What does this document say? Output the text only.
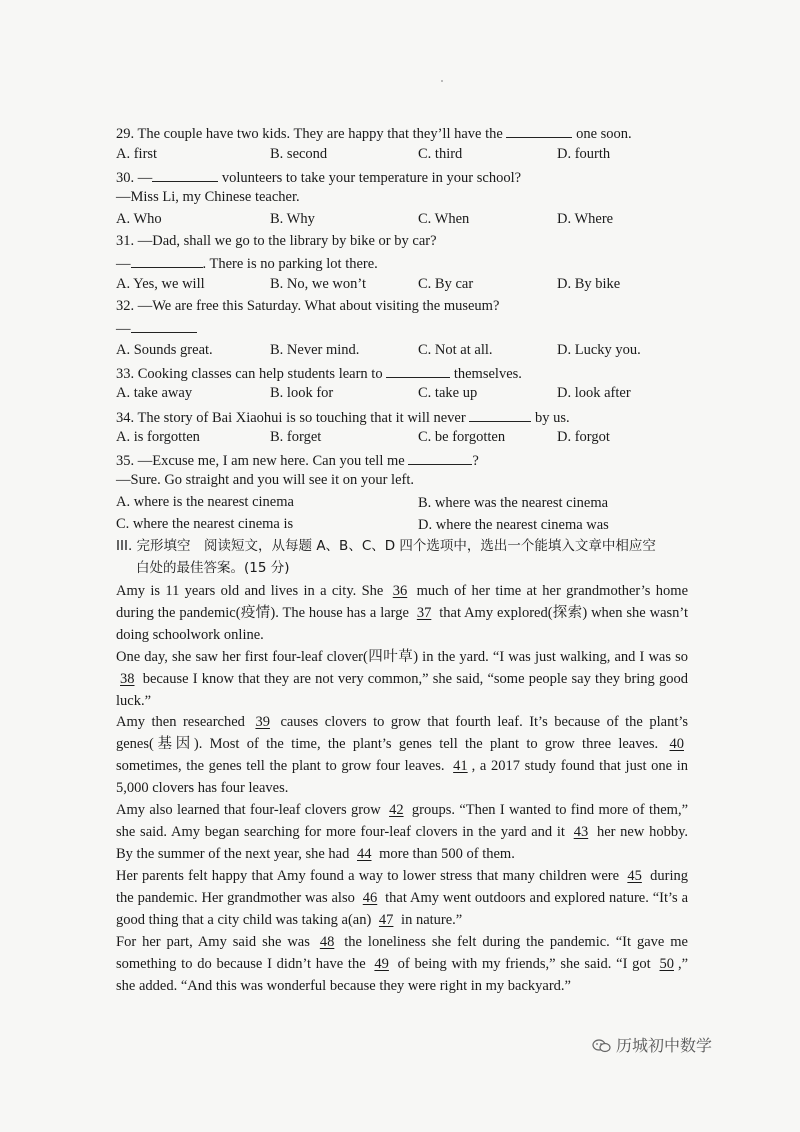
29. The couple have two kids. They are happy that they’ll have the	one soon.
A. first	B. second	C. third	D. fourth
30. —	volunteers to take your temperature in your school?
—Miss Li, my Chinese teacher.
A. Who	B. Why	C. When	D. Where
31. —Dad, shall we go to the library by bike or by car?
—	. There is no parking lot there.
A. Yes, we will	B. No, we won’t	C. By car	D. By bike
32. —We are free this Saturday. What about visiting the museum?
—
A. Sounds great.	B. Never mind.	C. Not at all.	D. Lucky you.
33. Cooking classes can help students learn to	themselves.
A. take away	B. look for	C. take up	D. look after
34. The story of Bai Xiaohui is so touching that it will never	by us.
A. is forgotten	B. forget	C. be forgotten	D. forgot
35. —Excuse me, I am new here. Can you tell me	?
—Sure. Go straight and you will see it on your left.
A. where is the nearest cinema	B. where was the nearest cinema
C. where the nearest cinema is	D. where the nearest cinema was
III. 完形填空　阅读短文，从每题 A、B、C、D 四个选项中，选出一个能填入文章中相应空
白处的最佳答案。(15 分)

Amy is 11 years old and lives in a city. She 36 much of her time at her grandmother’s home during the pandemic(疫情). The house has a large 37 that Amy explored(探索) when she wasn’t doing schoolwork online.

One day, she saw her first four-leaf clover(四叶草) in the yard. “I was just walking, and I was so 38 because I know that they are not very common,” she said, “some people say they bring good luck.”

Amy then researched 39 causes clovers to grow that fourth leaf. It’s because of the plant’s genes(基因). Most of the time, the plant’s genes tell the plant to grow three leaves. 40 sometimes, the genes tell the plant to grow four leaves. 41 , a 2017 study found that just one in 5,000 clovers has four leaves.

Amy also learned that four-leaf clovers grow 42 groups. “Then I wanted to find more of them,” she said. Amy began searching for more four-leaf clovers in the yard and it 43 her new hobby. By the summer of the next year, she had 44 more than 500 of them.

Her parents felt happy that Amy found a way to lower stress that many children were 45 during the pandemic. Her grandmother was also 46 that Amy went outdoors and explored nature. “It’s a good thing that a city child was taking a(an) 47 in nature.”

For her part, Amy said she was 48 the loneliness she felt during the pandemic. “It gave me something to do because I didn’t have the 49 of being with my friends,” she said. “I got 50 ,” she added. “And this was wonderful because they were right in my backyard.”

历城初中数学
